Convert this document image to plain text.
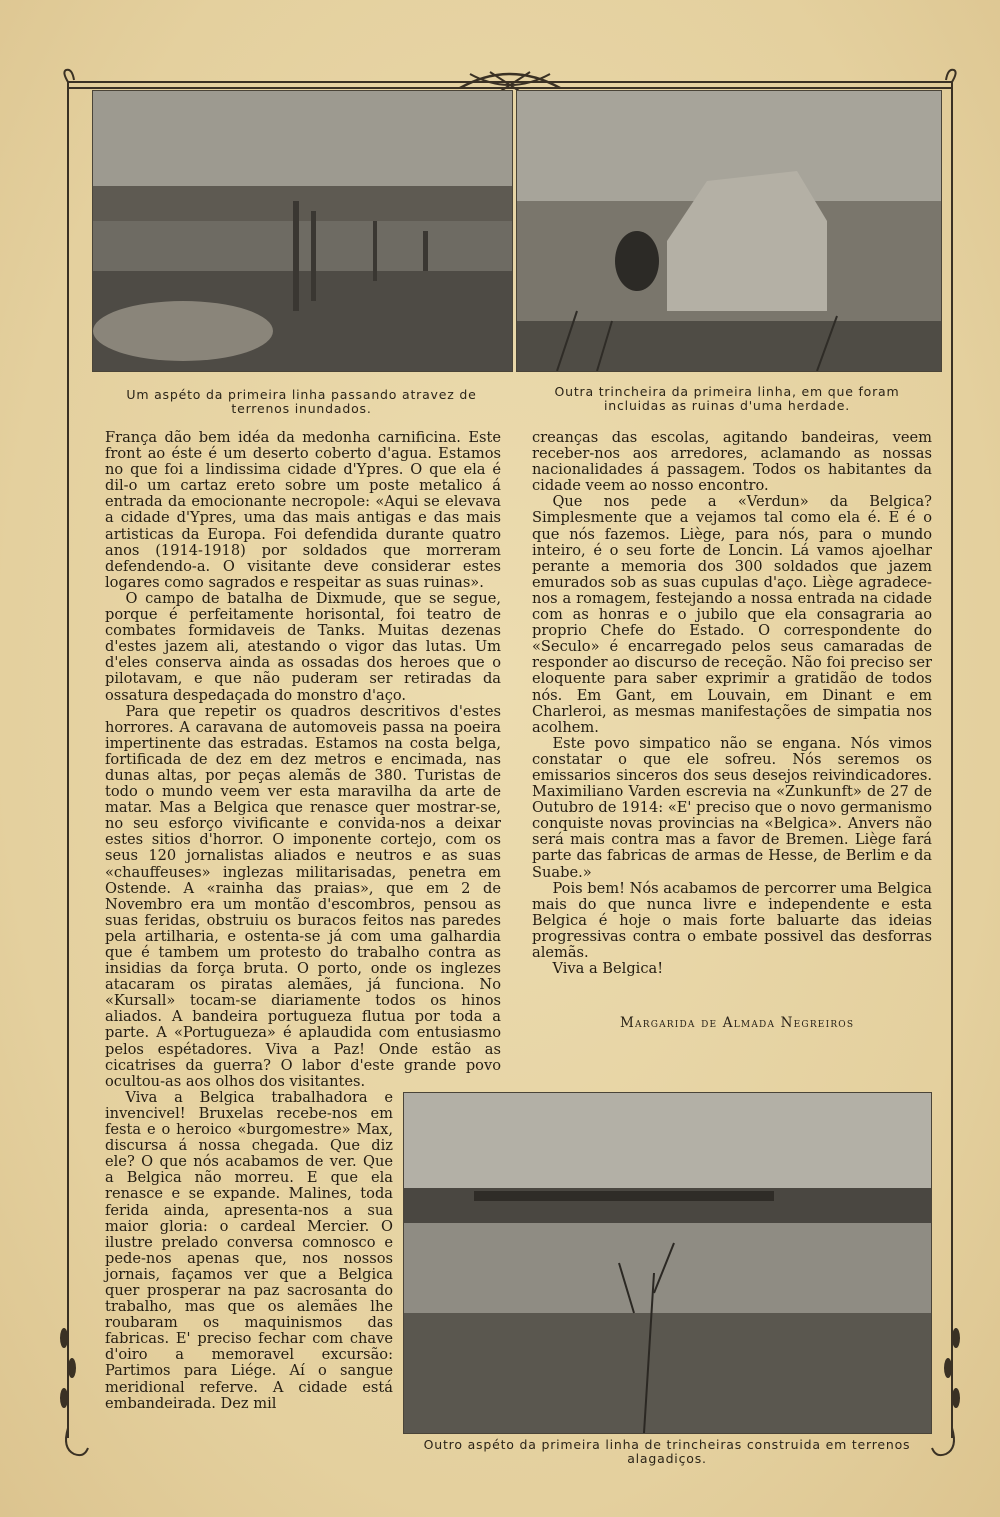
Um aspéto da primeira linha passando atravez de terrenos inundados.
Outra trincheira da primeira linha, em que foram incluidas as ruinas d'uma herdade.

França dão bem idéa da medonha carnificina. Este front ao éste é um deserto coberto d'agua. Estamos no que foi a lindissima cidade d'Ypres. O que ela é dil-o um cartaz ereto sobre um poste metalico á entrada da emocionante necropole: «Aqui se elevava a cidade d'Ypres, uma das mais antigas e das mais artisticas da Europa. Foi defendida durante quatro anos (1914-1918) por soldados que morreram defendendo-a. O visitante deve considerar estes logares como sagrados e respeitar as suas ruinas».

O campo de batalha de Dixmude, que se segue, porque é perfeitamente horisontal, foi teatro de combates formidaveis de Tanks. Muitas dezenas d'estes jazem ali, atestando o vigor das lutas. Um d'eles conserva ainda as ossadas dos heroes que o pilotavam, e que não puderam ser retiradas da ossatura despedaçada do monstro d'aço.

Para que repetir os quadros descritivos d'estes horrores. A caravana de automoveis passa na poeira impertinente das estradas. Estamos na costa belga, fortificada de dez em dez metros e encimada, nas dunas altas, por peças alemãs de 380. Turistas de todo o mundo veem ver esta maravilha da arte de matar. Mas a Belgica que renasce quer mostrar-se, no seu esforço vivificante e convida-nos a deixar estes sitios d'horror. O imponente cortejo, com os seus 120 jornalistas aliados e neutros e as suas «chauffeuses» inglezas militarisadas, penetra em Ostende. A «rainha das praias», que em 2 de Novembro era um montão d'escombros, pensou as suas feridas, obstruiu os buracos feitos nas paredes pela artilharia, e ostenta-se já com uma galhardia que é tambem um protesto do trabalho contra as insidias da força bruta. O porto, onde os inglezes atacaram os piratas alemães, já funciona. No «Kursall» tocam-se diariamente todos os hinos aliados. A bandeira portugueza flutua por toda a parte. A «Portugueza» é aplaudida com entusiasmo pelos espétadores. Viva a Paz! Onde estão as cicatrises da guerra? O labor d'este grande povo ocultou-as aos olhos dos visitantes.

Viva a Belgica trabalhadora e invencivel! Bruxelas recebe-nos em festa e o heroico «burgomestre» Max, discursa á nossa chegada. Que diz ele? O que nós acabamos de ver. Que a Belgica não morreu. E que ela renasce e se expande. Malines, toda ferida ainda, apresenta-nos a sua maior gloria: o cardeal Mercier. O ilustre prelado conversa comnosco e pede-nos apenas que, nos nossos jornais, façamos ver que a Belgica quer prosperar na paz sacrosanta do trabalho, mas que os alemães lhe roubaram os maquinismos das fabricas. E' preciso fechar com chave d'oiro a memoravel excursão: Partimos para Liége. Aí o sangue meridional referve. A cidade está embandeirada. Dez mil

creanças das escolas, agitando bandeiras, veem receber-nos aos arredores, aclamando as nossas nacionalidades á passagem. Todos os habitantes da cidade veem ao nosso encontro.

Que nos pede a «Verdun» da Belgica? Simplesmente que a vejamos tal como ela é. E é o que nós fazemos. Liège, para nós, para o mundo inteiro, é o seu forte de Loncin. Lá vamos ajoelhar perante a memoria dos 300 soldados que jazem emurados sob as suas cupulas d'aço. Liège agradece-nos a romagem, festejando a nossa entrada na cidade com as honras e o jubilo que ela consagraria ao proprio Chefe do Estado. O correspondente do «Seculo» é encarregado pelos seus camaradas de responder ao discurso de receção. Não foi preciso ser eloquente para saber exprimir a gratidão de todos nós. Em Gant, em Louvain, em Dinant e em Charleroi, as mesmas manifestações de simpatia nos acolhem.

Este povo simpatico não se engana. Nós vimos constatar o que ele sofreu. Nós seremos os emissarios sinceros dos seus desejos reivindicadores. Maximiliano Varden escrevia na «Zunkunft» de 27 de Outubro de 1914: «E' preciso que o novo germanismo conquiste novas provincias na «Belgica». Anvers não será mais contra mas a favor de Bremen. Liège fará parte das fabricas de armas de Hesse, de Berlim e da Suabe.»

Pois bem! Nós acabamos de percorrer uma Belgica mais do que nunca livre e independente e esta Belgica é hoje o mais forte baluarte das ideias progressivas contra o embate possivel das desforras alemãs.

Viva a Belgica!

Margarida de Almada Negreiros
Outro aspéto da primeira linha de trincheiras construida em terrenos alagadiços.
